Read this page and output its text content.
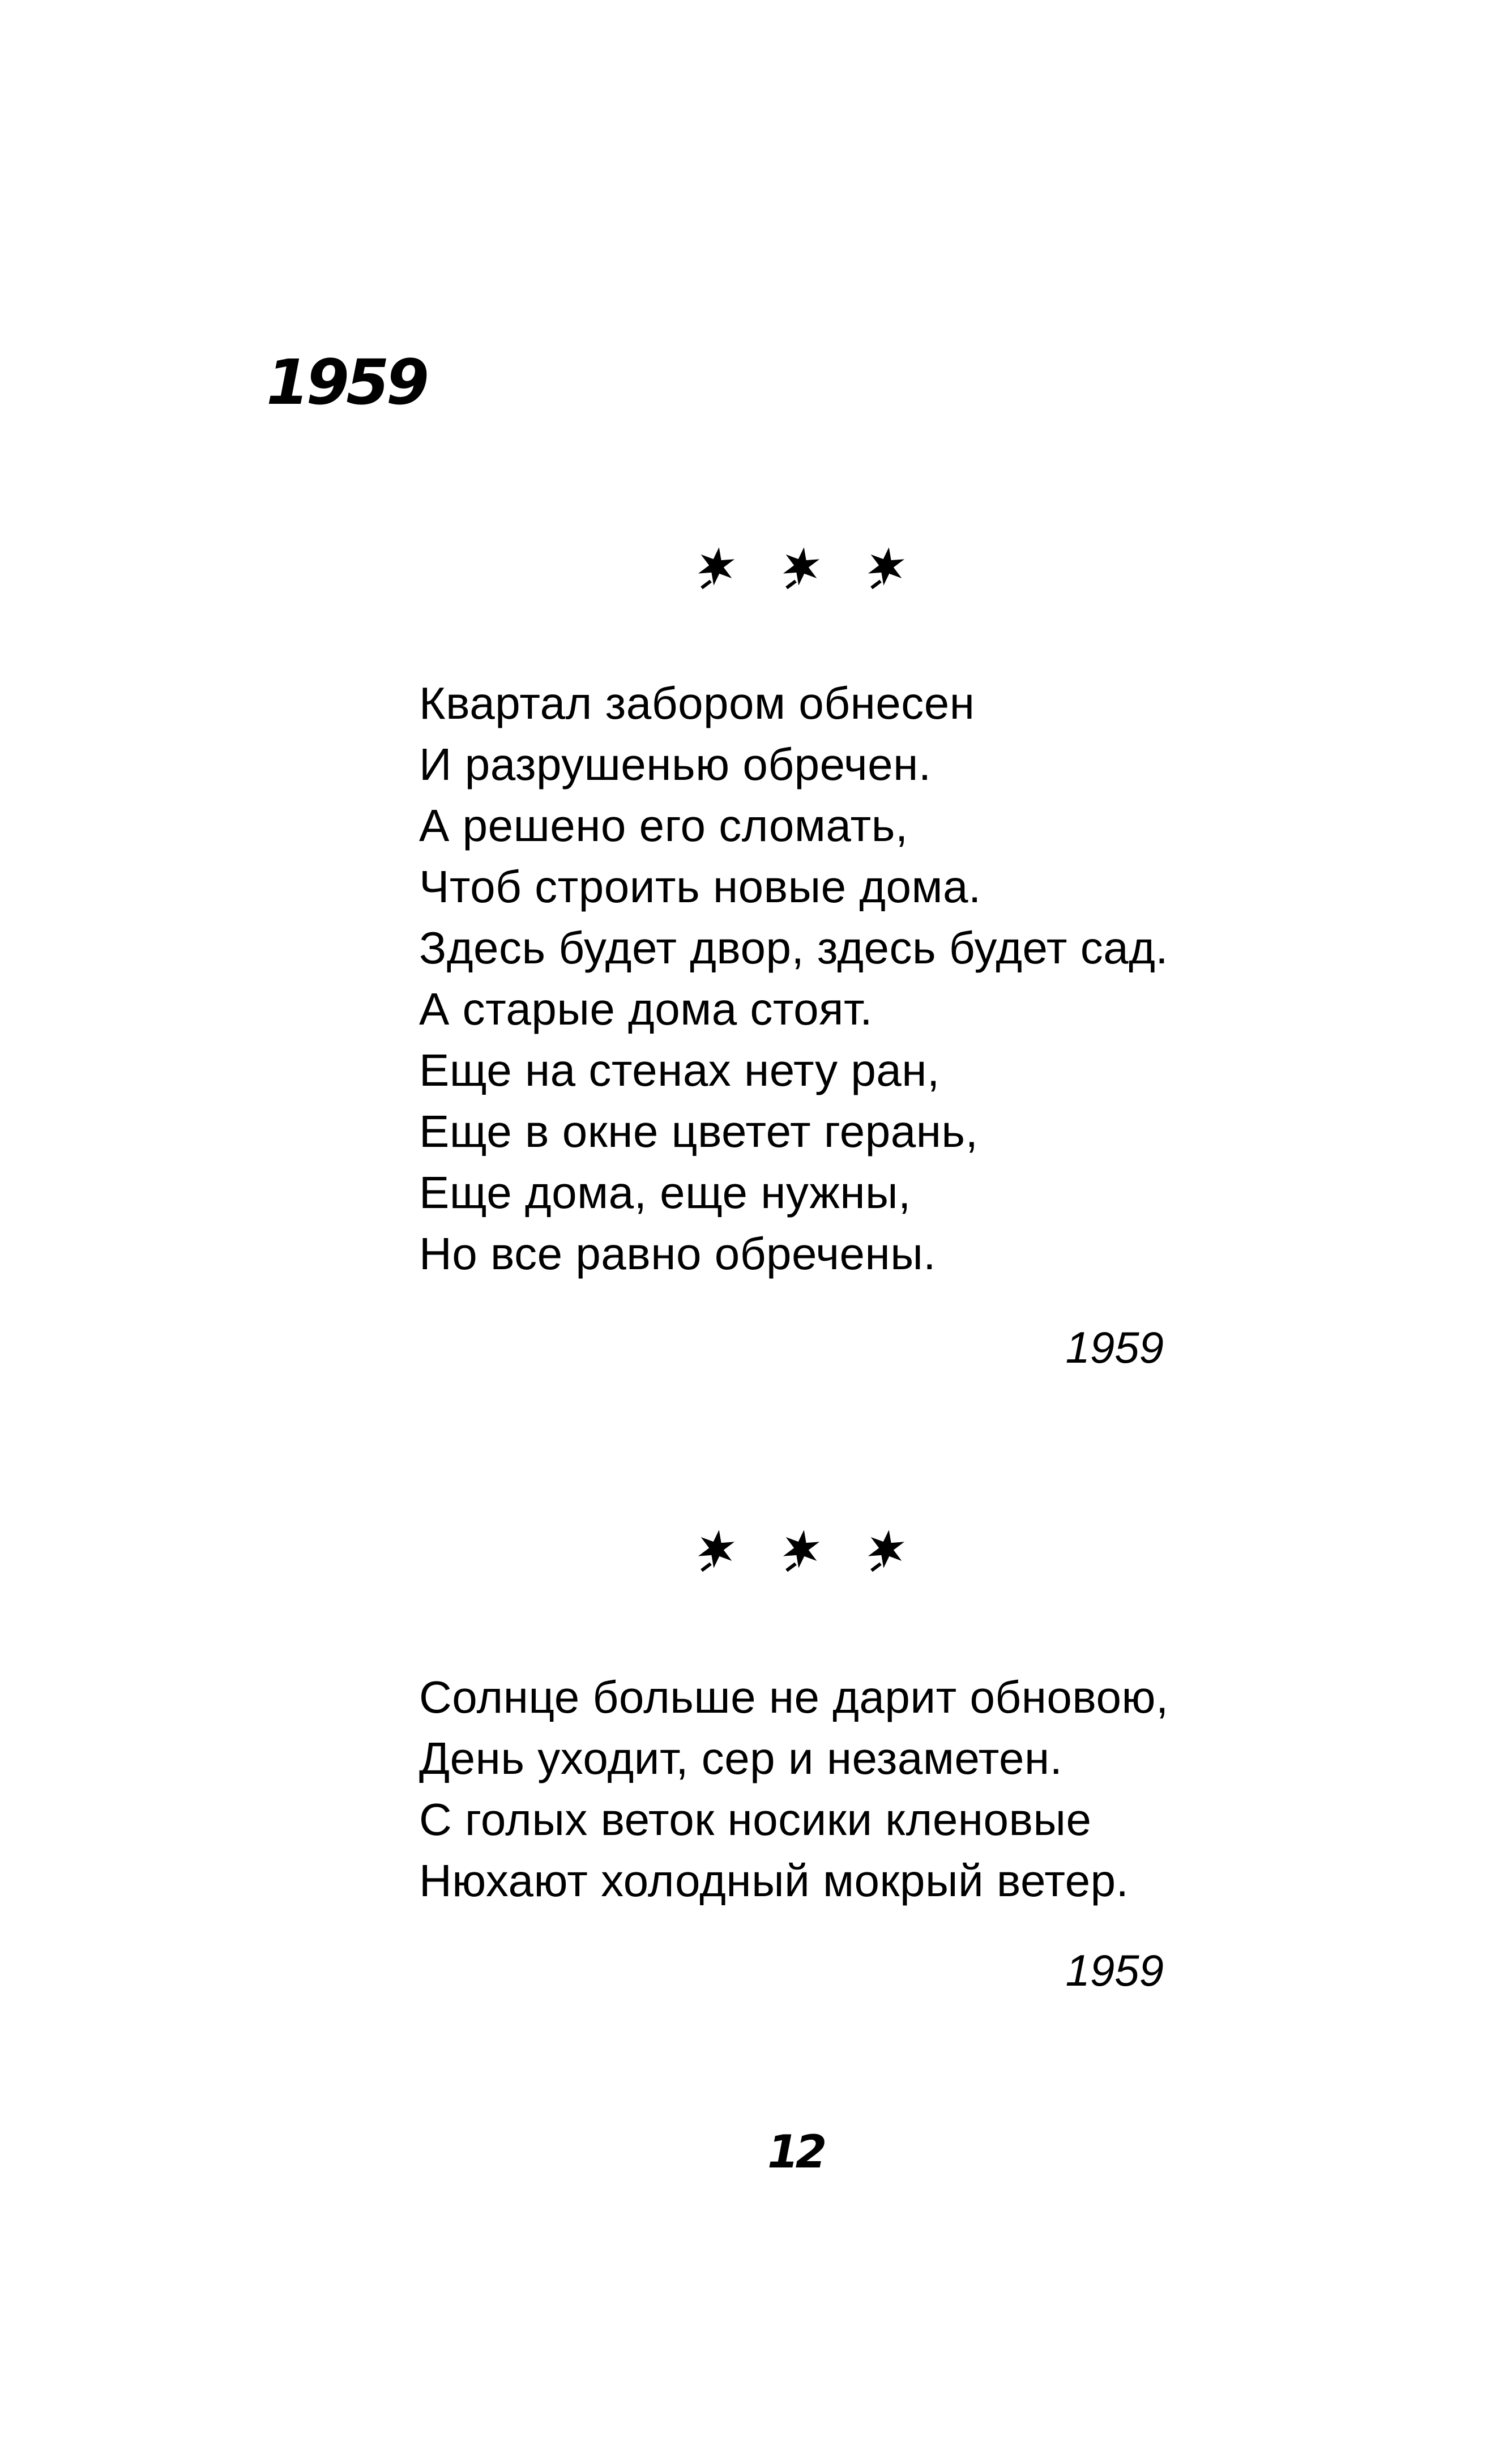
1959
Квартал забором обнесен
И разрушенью обречен.
А решено его сломать,
Чтоб строить новые дома.
Здесь будет двор, здесь будет сад.
А старые дома стоят.
Еще на стенах нету ран,
Еще в окне цветет герань,
Еще дома, еще нужны,
Но все равно обречены.
1959
Солнце больше не дарит обновою,
День уходит, сер и незаметен.
С голых веток носики кленовые
Нюхают холодный мокрый ветер.
1959
12
